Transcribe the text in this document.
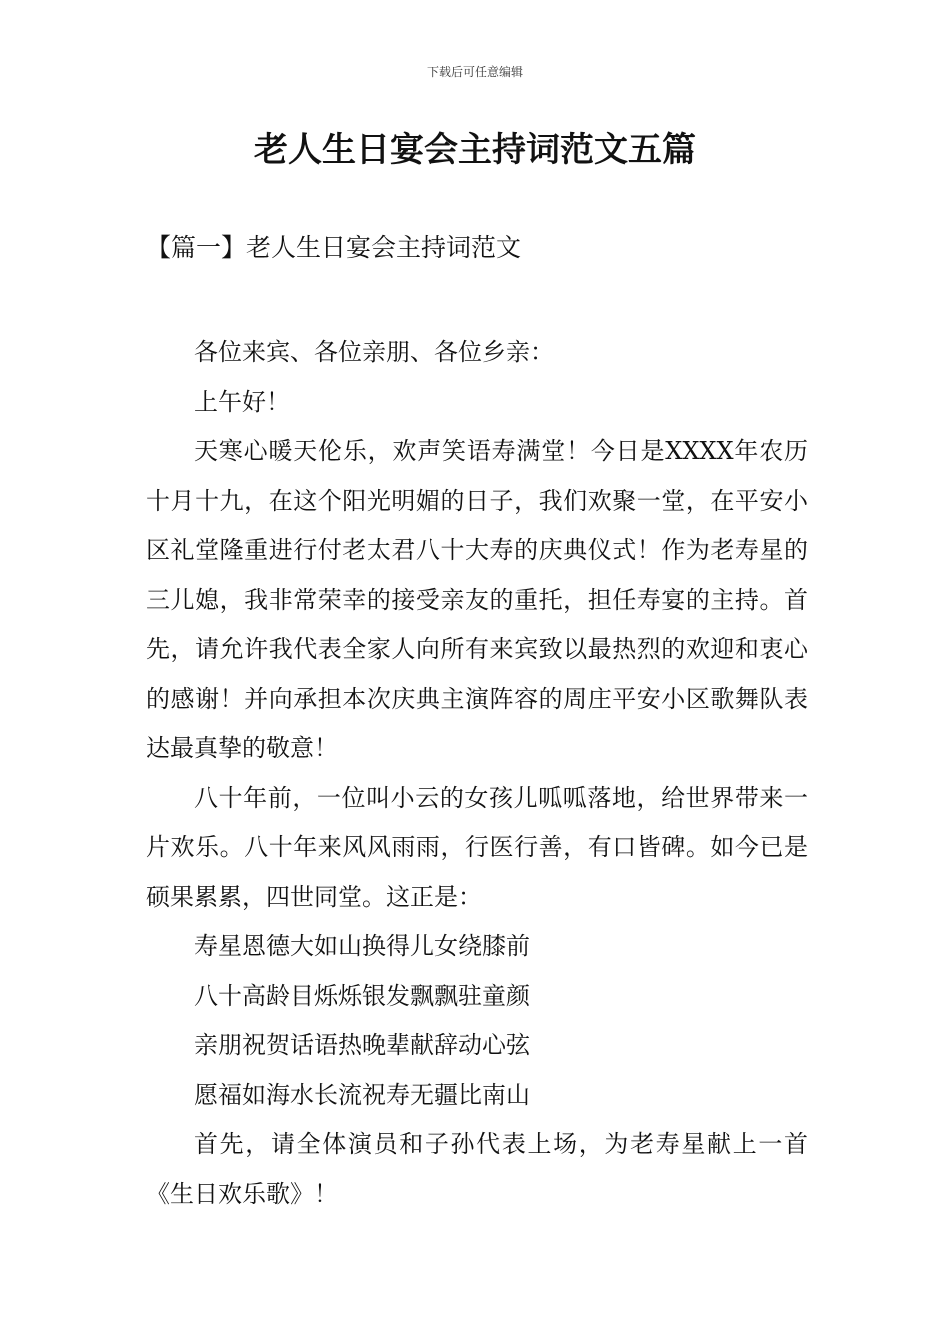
下载后可任意编辑
老人生日宴会主持词范文五篇
【篇一】老人生日宴会主持词范文

各位来宾、各位亲朋、各位乡亲：

上午好！

天寒心暖天伦乐，欢声笑语寿满堂！今日是XXXX年农历十月十九，在这个阳光明媚的日子，我们欢聚一堂，在平安小区礼堂隆重进行付老太君八十大寿的庆典仪式！作为老寿星的三儿媳，我非常荣幸的接受亲友的重托，担任寿宴的主持。首先，请允许我代表全家人向所有来宾致以最热烈的欢迎和衷心的感谢！并向承担本次庆典主演阵容的周庄平安小区歌舞队表达最真挚的敬意！

八十年前，一位叫小云的女孩儿呱呱落地，给世界带来一片欢乐。八十年来风风雨雨，行医行善，有口皆碑。如今已是硕果累累，四世同堂。这正是：

寿星恩德大如山换得儿女绕膝前

八十高龄目烁烁银发飘飘驻童颜

亲朋祝贺话语热晚辈献辞动心弦

愿福如海水长流祝寿无疆比南山

首先，请全体演员和子孙代表上场，为老寿星献上一首《生日欢乐歌》！
